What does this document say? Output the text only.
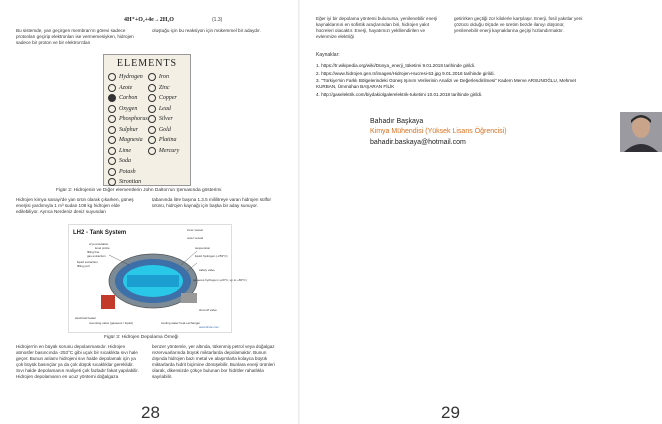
4H⁺+O₂+4e→2H₂O	(1.3)
Bu sistemde, yan geçirgen membran'ın görevi sadece protonları geçirip elektronları ise vermemesiyken, hidrojen sadece bir proton ve bir elektron'dan
oluştuğu için bu reaksiyon için mükemmel bir adaydır.
ELEMENTS
Hydrogen
Azote
Carbon
Oxygen
Phosphorus
Sulphur
Magnesia
Lime
Soda
Potash
Strontian
Iron
Zinc
Copper
Lead
Silver
Gold
Platina
Mercury
Figür 2: Hidrojenin ve Diğer elementlerin John Dalton'un Şemasında gösterimi
Hidrojen kimya sanayi'de yan ürün olarak çıkarken, güneş enerjisi yardımıyla 1 m³ sudan 108 kg hidrojen elde edilebiliyor. Ayrıca Nerdeniz deniz suyundan
tabanında litre başına 1.3.5 mililitreye varan hidrojen sülfür ürünü, hidrojen kaynağı için başka bir aday sunuyor.
LH2 - Tank System
cryo-insulation
level probe
filling line
gas extraction
liquid extraction
filling port
inner vessel
outer vessel
suspension
liquid hydrogen (-253°C)
safety valve
gaseous hydrogen (+20°C, up to +80°C)
shut-off valve
electrical heater
reversing valve (gaseous / liquid)	cooling water heat exchanger
www.linde.com
Figür 3: Hidrojen Depolama Örneği
Hidrojen'in en büyük sorunu depolanmasıdır. Hidrojen atmosfer basıncında -253°C gibi uçuk bir sıcaklıkta sıvı hale geçer. Bunun anlamı hidrojeni sıvı halde depolamak için ya çok büyük basınçlar ya da çok düşük sıcaklıklar gereklidir. Sıvı halde depolamanın maliyeti çok fazladır fakat yapılabilir. Hidrojen depolamanın en ucuz yöntemi doğalgaza
benzer yöntemle, yer altında, tükenmiş petrol veya doğalgaz rezervuarlarında büyük miktarlarda depolamaktır. Bunun dışında hidrojen bazı metal ve alaşımlarla kolayca büyük miktarlarda hidrit biçimine dönüşebilir. Bunlara enerji ürünleri olarak, dikensizde çökçe bulunan bor hidritler rahatlıkla sayılabilir.
28
Eğer iyi bir depolama yöntemi bulunursa, yenilenebilir enerji kaynaklarının en sofistik araçlarından biri, hidrojen yakıt hücreleri olacaktır. Enerji, hayatımızı yeklilendirilen ve evlenmize elektriği
getirirken geçtiği zor kilolerle karşılaşır. Enerji, fosil yakıtlar yeni çözücü olduğu ölçüde ve üretim bezde ilanıyı düşünür, yenilenebilir enerji kaynaklarına geçişi hızlandırmaktır.
Kaynaklar:

1. https://tr.wikipedia.org/wiki/Dünya_enerji_tüketimi 9.01.2018 tarihinde girildi.

2. https://www.hidrojen.gen.tr/images/Hidrojen-Hucresi-53.jpg 9.01.2018 tarihinde girildi.

3. "Türkiye'nin Farklı Bölgelerindeki Güneş Işınım Verilerinin Analizi ve Değerlendirilmesi" Kadem Merve ARSUNOĞLU, Mehmet KURBAN, Ümmühan BAŞARAN FİLİK

4. http://gaselektrik.com/biydakiolgalerelektrik-tuketimi 10.01.2018 tarihinde girildi.

Bahadır Başkaya
Kimya Mühendisi (Yüksek Lisans Öğrencisi)
bahadir.baskaya@hotmail.com
29
